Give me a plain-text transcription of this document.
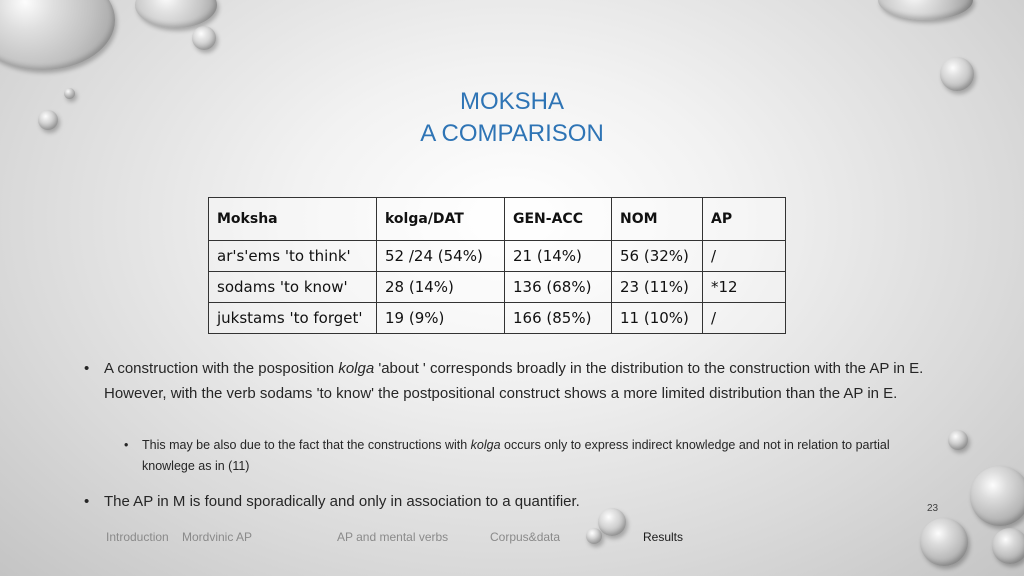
MOKSHA
A COMPARISON
Moksha	kolga/DAT	GEN-ACC	NOM	AP
ar's'ems 'to think'	52 /24 (54%)	21 (14%)	56 (32%)	/
sodams 'to know'	28 (14%)	136 (68%)	23 (11%)	*12
jukstams 'to forget'	19 (9%)	166 (85%)	11 (10%)	/
• A construction with the posposition kolga 'about ' corresponds broadly in the distribution to the construction with the AP in E. However, with the verb sodams 'to know' the postpositional construct shows a more limited distribution than the AP in E.
• This may be also due to the fact that the constructions with kolga occurs only to express indirect knowledge and not in relation to partial knowlege as in (11)
• The AP in M is found sporadically and only in association to a quantifier.	23
Introduction Mordvinic AP	AP and mental verbs	Corpus&data	Results
